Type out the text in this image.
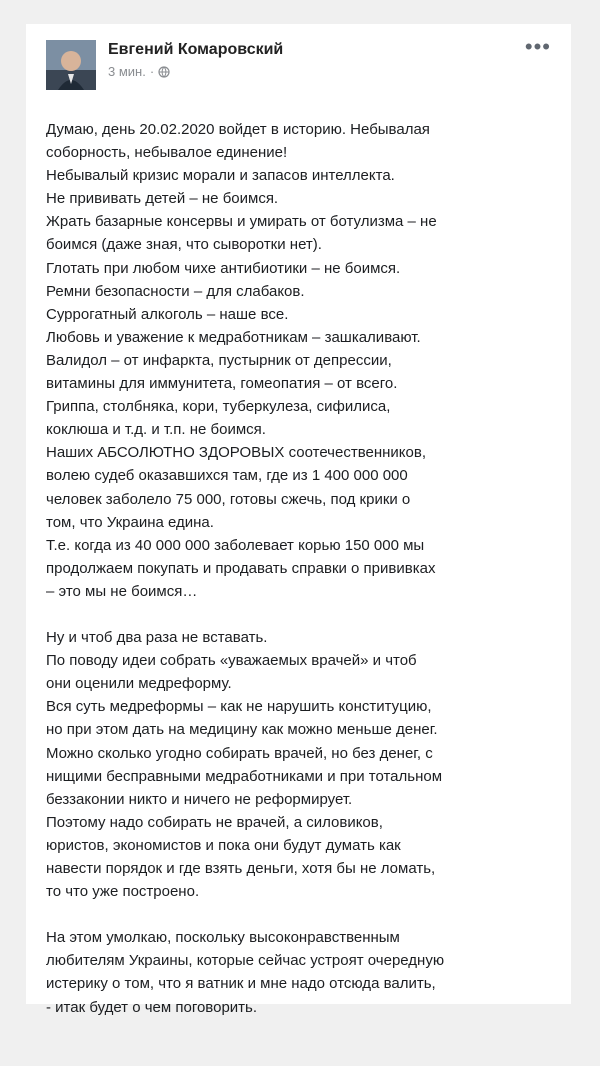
Евгений Комаровский
3 мин. ·
•••
Думаю, день 20.02.2020 войдет в историю. Небывалая
соборность, небывалое единение!
Небывалый кризис морали и запасов интеллекта.
Не прививать детей – не боимся.
Жрать базарные консервы и умирать от ботулизма – не
боимся (даже зная, что сыворотки нет).
Глотать при любом чихе антибиотики – не боимся.
Ремни безопасности – для слабаков.
Суррогатный алкоголь – наше все.
Любовь и уважение к медработникам – зашкаливают.
Валидол – от инфаркта, пустырник от депрессии,
витамины для иммунитета, гомеопатия – от всего.
Гриппа, столбняка, кори, туберкулеза, сифилиса,
коклюша и т.д. и т.п. не боимся.
Наших АБСОЛЮТНО ЗДОРОВЫХ соотечественников,
волею судеб оказавшихся там, где из 1 400 000 000
человек заболело 75 000, готовы сжечь, под крики о
том, что Украина едина.
Т.е. когда из 40 000 000 заболевает корью 150 000 мы
продолжаем покупать и продавать справки о прививках
– это мы не боимся…
Ну и чтоб два раза не вставать.
По поводу идеи собрать «уважаемых врачей» и чтоб
они оценили медреформу.
Вся суть медреформы – как не нарушить конституцию,
но при этом дать на медицину как можно меньше денег.
Можно сколько угодно собирать врачей, но без денег, с
нищими бесправными медработниками и при тотальном
беззаконии никто и ничего не реформирует.
Поэтому надо собирать не врачей, а силовиков,
юристов, экономистов и пока они будут думать как
навести порядок и где взять деньги, хотя бы не ломать,
то что уже построено.
На этом умолкаю, поскольку высоконравственным
любителям Украины, которые сейчас устроят очередную
истерику о том, что я ватник и мне надо отсюда валить,
- итак будет о чем поговорить.
